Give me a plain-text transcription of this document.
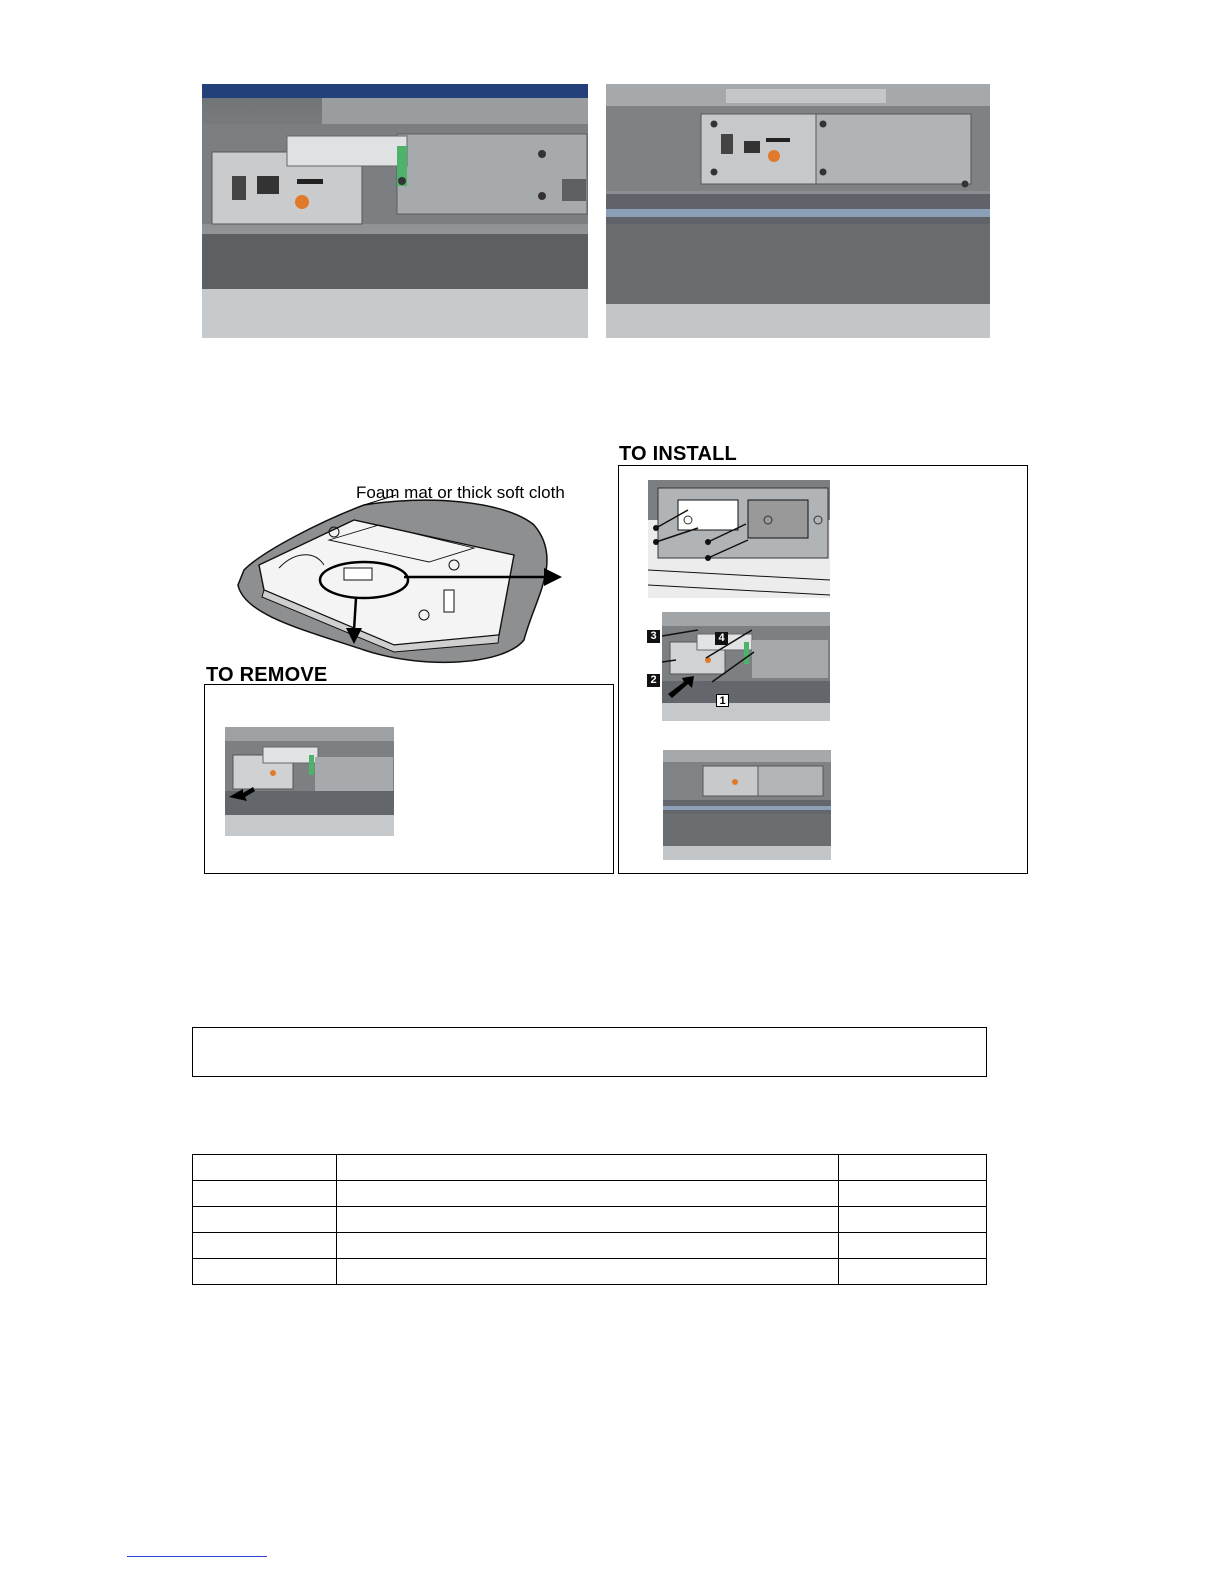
Foam mat or thick soft cloth
TO REMOVE
TO INSTALL
3	4
2
1
